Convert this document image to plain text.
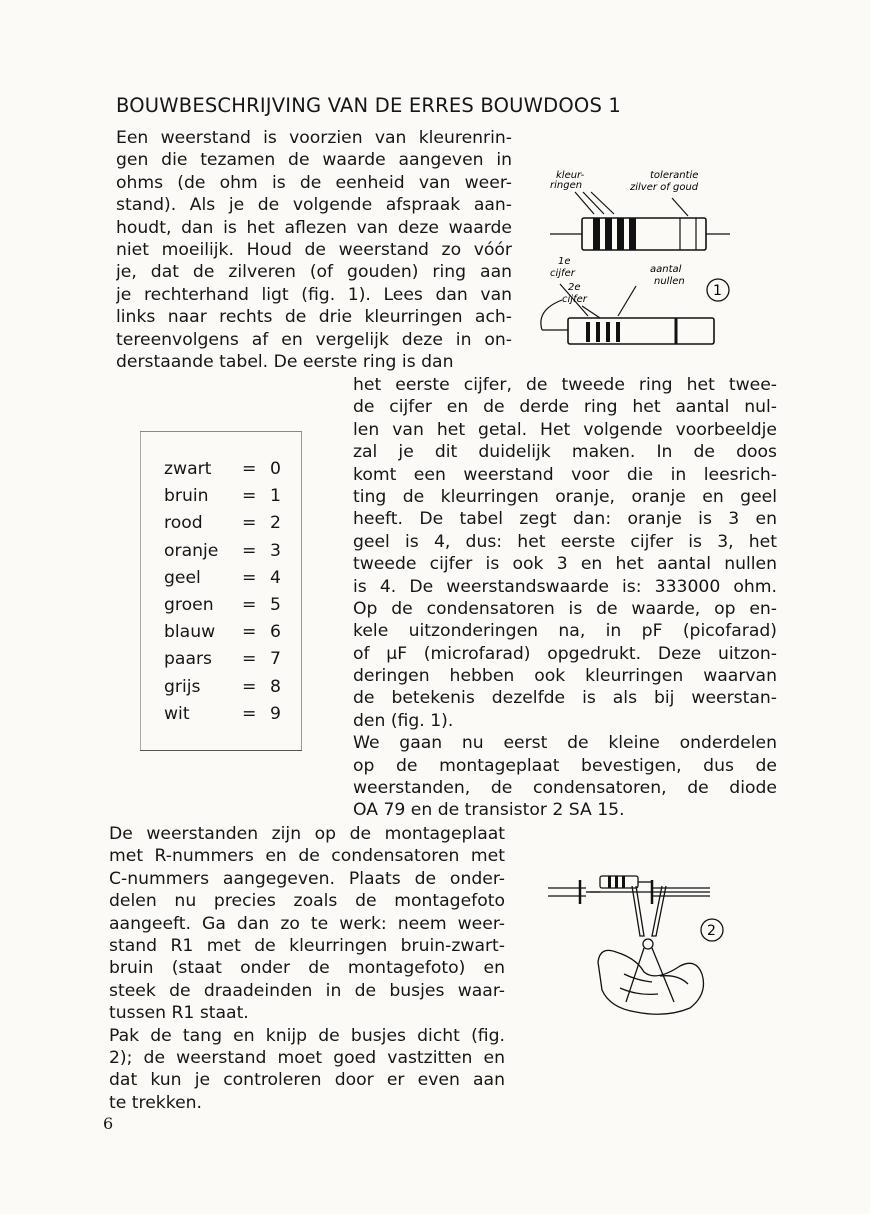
BOUWBESCHRIJVING VAN DE ERRES BOUWDOOS 1
Een weerstand is voorzien van kleurenrin-
gen die tezamen de waarde aangeven in
ohms (de ohm is de eenheid van weer-
stand). Als je de volgende afspraak aan-
houdt, dan is het aflezen van deze waarde
niet moeilijk. Houd de weerstand zo vóór
je, dat de zilveren (of gouden) ring aan
je rechterhand ligt (fig. 1). Lees dan van
links naar rechts de drie kleurringen ach-
tereenvolgens af en vergelijk deze in on-
derstaande tabel. De eerste ring is dan
zwart = 0
bruin = 1
rood = 2
oranje = 3
geel = 4
groen = 5
blauw = 6
paars = 7
grijs = 8
wit	= 9
het eerste cijfer, de tweede ring het twee-
de cijfer en de derde ring het aantal nul-
len van het getal. Het volgende voorbeeldje
zal je dit duidelijk maken. In de doos
komt een weerstand voor die in leesrich-
ting de kleurringen oranje, oranje en geel
heeft. De tabel zegt dan: oranje is 3 en
geel is 4, dus: het eerste cijfer is 3, het
tweede cijfer is ook 3 en het aantal nullen
is 4. De weerstandswaarde is: 333000 ohm.
Op de condensatoren is de waarde, op en-
kele uitzonderingen na, in pF (picofarad)
of μF (microfarad) opgedrukt. Deze uitzon-
deringen hebben ook kleurringen waarvan
de betekenis dezelfde is als bij weerstan-
den (fig. 1).
We gaan nu eerst de kleine onderdelen
op de montageplaat bevestigen, dus de
weerstanden, de condensatoren, de diode
OA 79 en de transistor 2 SA 15.
De weerstanden zijn op de montageplaat
met R-nummers en de condensatoren met
C-nummers aangegeven. Plaats de onder-
delen nu precies zoals de montagefoto
aangeeft. Ga dan zo te werk: neem weer-
stand R1 met de kleurringen bruin-zwart-
bruin (staat onder de montagefoto) en
steek de draadeinden in de busjes waar-
tussen R1 staat.
Pak de tang en knijp de busjes dicht (fig.
2); de weerstand moet goed vastzitten en
dat kun je controleren door er even aan
te trekken.
kleur-
ringen
tolerantie
zilver of goud
1e
cijfer
2e
cijfer
aantal
nullen
1
2
6
